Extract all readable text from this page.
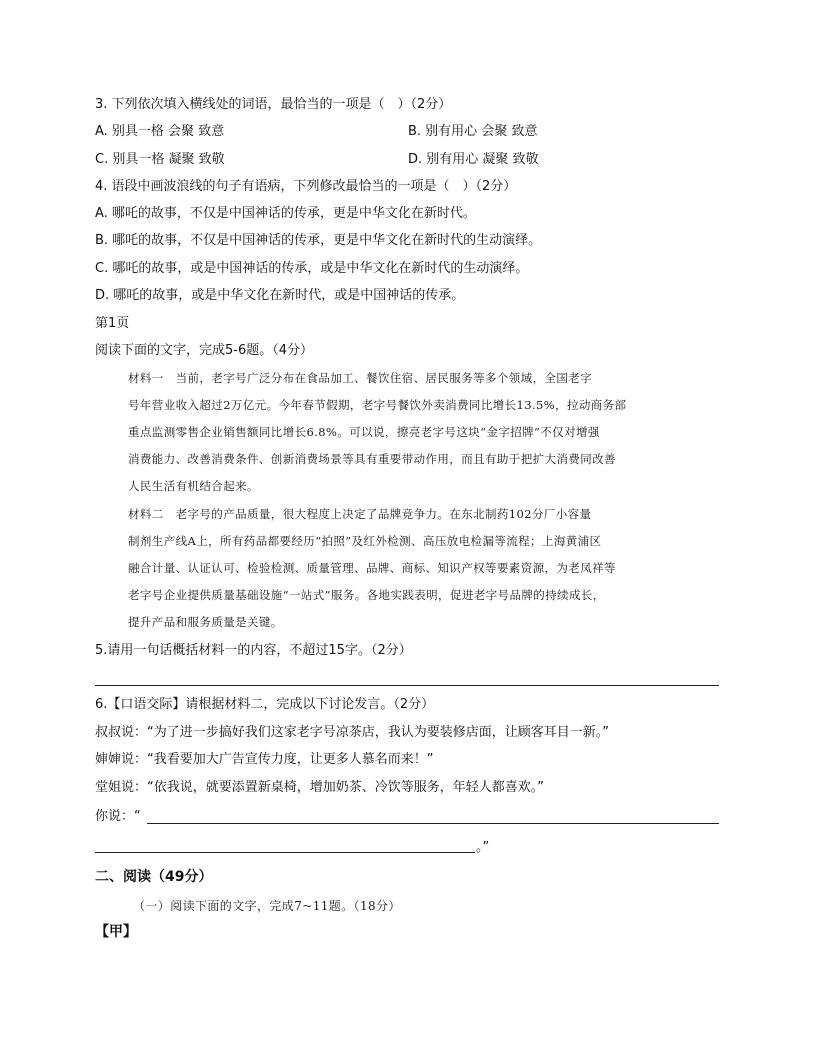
3. 下列依次填入横线处的词语，最恰当的一项是（　）（2分）
A. 别具一格 会聚 致意	B. 别有用心 会聚 致意
C. 别具一格 凝聚 致敬	D. 别有用心 凝聚 致敬
4. 语段中画波浪线的句子有语病，下列修改最恰当的一项是（　）（2分）
A. 哪吒的故事，不仅是中国神话的传承，更是中华文化在新时代。
B. 哪吒的故事，不仅是中国神话的传承，更是中华文化在新时代的生动演绎。
C. 哪吒的故事，或是中国神话的传承，或是中华文化在新时代的生动演绎。
D. 哪吒的故事，或是中华文化在新时代，或是中国神话的传承。
第1页
阅读下面的文字，完成5-6题。（4分）
材料一　当前，老字号广泛分布在食品加工、餐饮住宿、居民服务等多个领域，全国老字
号年营业收入超过2万亿元。今年春节假期，老字号餐饮外卖消费同比增长13.5%，拉动商务部
重点监测零售企业销售额同比增长6.8%。可以说，擦亮老字号这块“金字招牌”不仅对增强
消费能力、改善消费条件、创新消费场景等具有重要带动作用，而且有助于把扩大消费同改善
人民生活有机结合起来。
材料二　老字号的产品质量，很大程度上决定了品牌竞争力。在东北制药102分厂小容量
制剂生产线A上，所有药品都要经历“拍照”及红外检测、高压放电检漏等流程；上海黄浦区
融合计量、认证认可、检验检测、质量管理、品牌、商标、知识产权等要素资源，为老凤祥等
老字号企业提供质量基础设施“一站式”服务。各地实践表明，促进老字号品牌的持续成长，
提升产品和服务质量是关键。
5.请用一句话概括材料一的内容，不超过15字。（2分）
6.【口语交际】请根据材料二，完成以下讨论发言。（2分）
叔叔说：“为了进一步搞好我们这家老字号凉茶店，我认为要装修店面，让顾客耳目一新。”
婶婶说：“我看要加大广告宣传力度，让更多人慕名而来！”
堂姐说：“依我说，就要添置新桌椅，增加奶茶、冷饮等服务，年轻人都喜欢。”
你说：“
。”
二、阅读（49分）
（一）阅读下面的文字，完成7~11题。（18分）
【甲】
